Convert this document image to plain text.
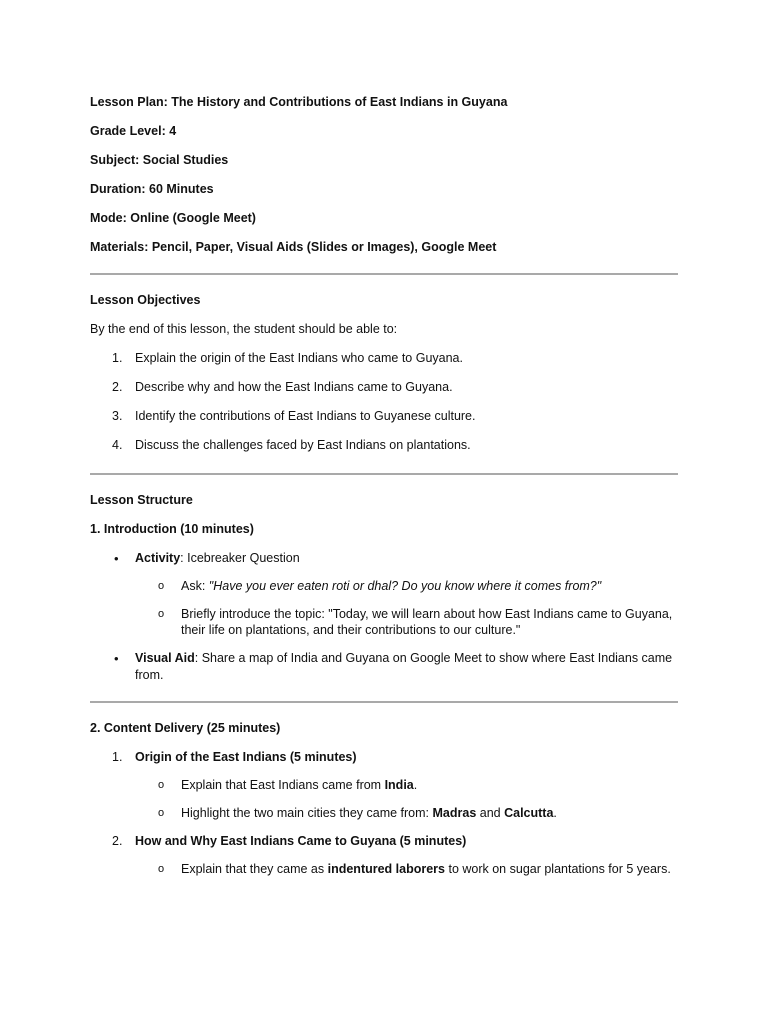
Lesson Plan: The History and Contributions of East Indians in Guyana
Grade Level: 4
Subject: Social Studies
Duration: 60 Minutes
Mode: Online (Google Meet)
Materials: Pencil, Paper, Visual Aids (Slides or Images), Google Meet
Lesson Objectives
By the end of this lesson, the student should be able to:
1. Explain the origin of the East Indians who came to Guyana.
2. Describe why and how the East Indians came to Guyana.
3. Identify the contributions of East Indians to Guyanese culture.
4. Discuss the challenges faced by East Indians on plantations.
Lesson Structure
1. Introduction (10 minutes)
• Activity: Icebreaker Question
o Ask: "Have you ever eaten roti or dhal? Do you know where it comes from?"
o Briefly introduce the topic: "Today, we will learn about how East Indians came to Guyana, their life on plantations, and their contributions to our culture."
• Visual Aid: Share a map of India and Guyana on Google Meet to show where East Indians came from.
2. Content Delivery (25 minutes)
1. Origin of the East Indians (5 minutes)
o Explain that East Indians came from India.
o Highlight the two main cities they came from: Madras and Calcutta.
2. How and Why East Indians Came to Guyana (5 minutes)
o Explain that they came as indentured laborers to work on sugar plantations for 5 years.
